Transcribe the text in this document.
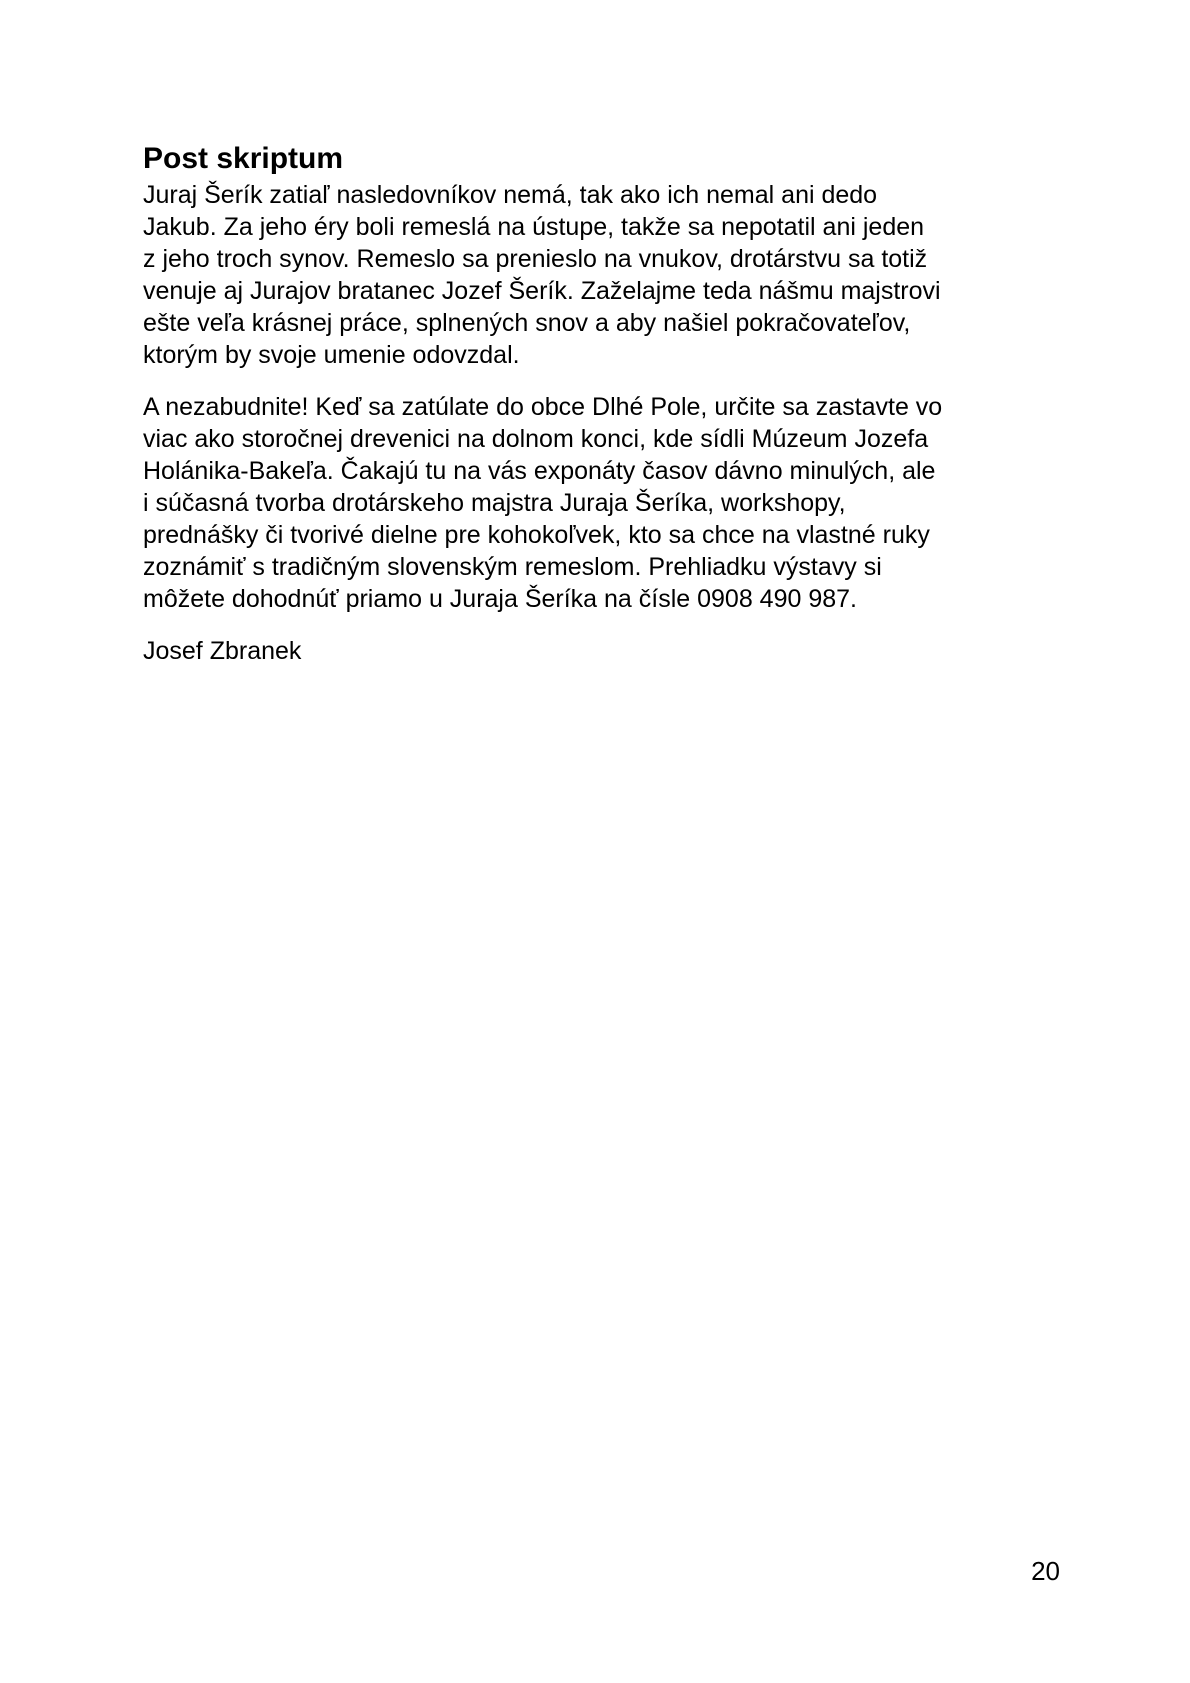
Post skriptum
Juraj Šerík zatiaľ nasledovníkov nemá, tak ako ich nemal ani dedo
Jakub. Za jeho éry boli remeslá na ústupe, takže sa nepotatil ani jeden
z jeho troch synov. Remeslo sa prenieslo na vnukov, drotárstvu sa totiž
venuje aj Jurajov bratanec Jozef Šerík. Zaželajme teda nášmu majstrovi
ešte veľa krásnej práce, splnených snov a aby našiel pokračovateľov,
ktorým by svoje umenie odovzdal.
A nezabudnite! Keď sa zatúlate do obce Dlhé Pole, určite sa zastavte vo
viac ako storočnej drevenici na dolnom konci, kde sídli Múzeum Jozefa
Holánika-Bakeľa. Čakajú tu na vás exponáty časov dávno minulých, ale
i súčasná tvorba drotárskeho majstra Juraja Šeríka, workshopy,
prednášky či tvorivé dielne pre kohokoľvek, kto sa chce na vlastné ruky
zoznámiť s tradičným slovenským remeslom. Prehliadku výstavy si
môžete dohodnúť priamo u Juraja Šeríka na čísle 0908 490 987.
Josef Zbranek
20
